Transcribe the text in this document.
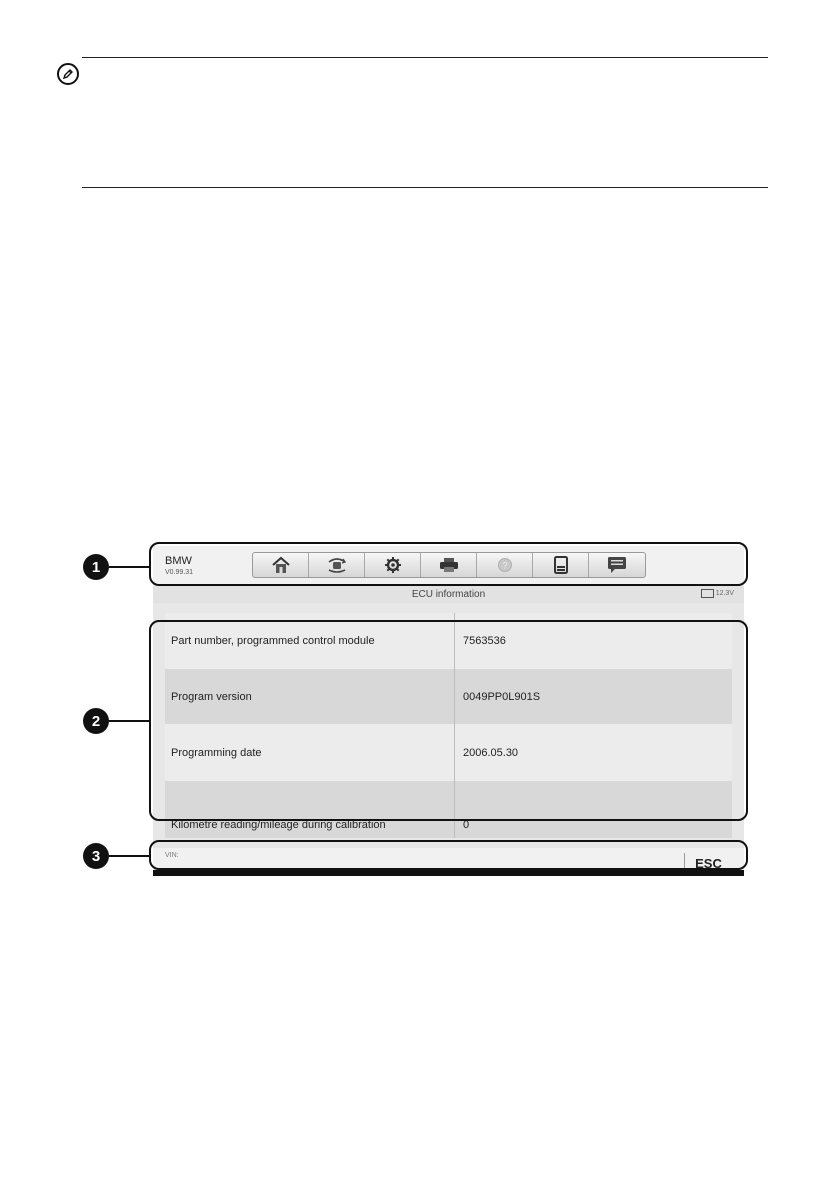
BMW
V0.99.31
?
ECU information	12.3V
Part number, programmed control module	7563536
Program version	0049PP0L901S
Programming date	2006.05.30
Kilometre reading/mileage during calibration	0
VIN:	ESC
1
2
3
